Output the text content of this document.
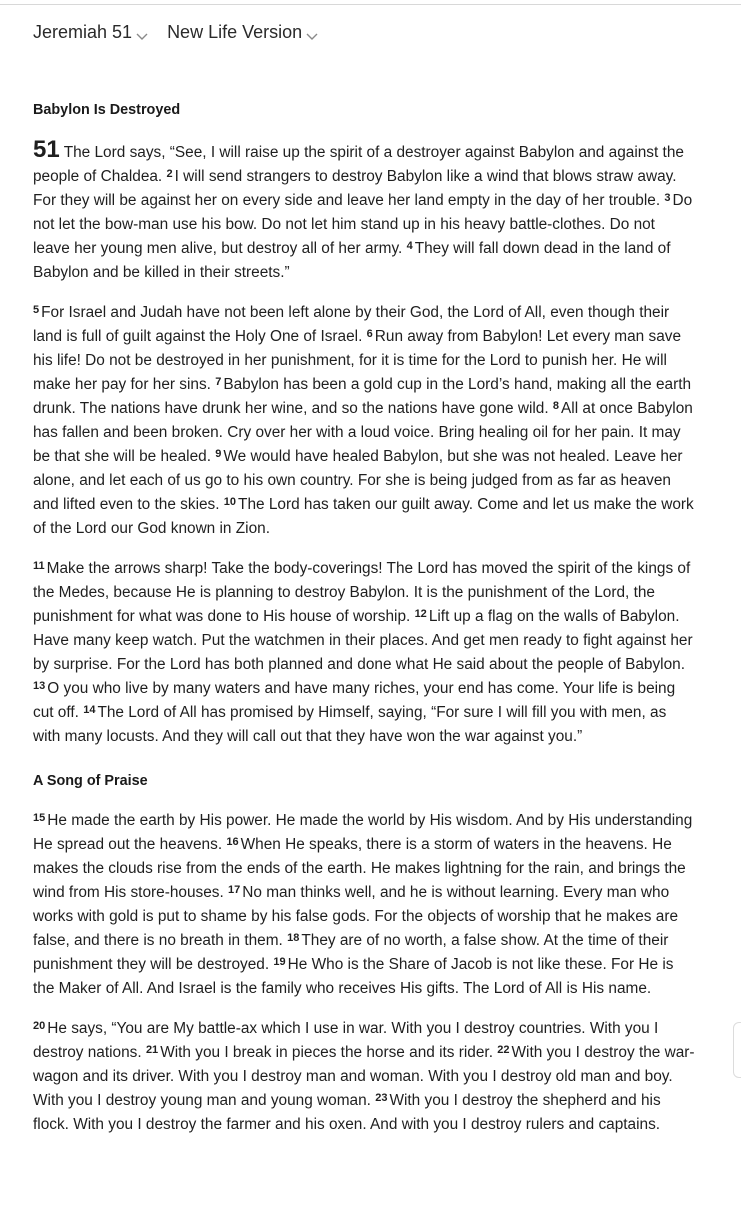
Jeremiah 51 New Life Version
Babylon Is Destroyed

51 The Lord says, “See, I will raise up the spirit of a destroyer against Babylon and against the people of Chaldea. $^2$ I will send strangers to destroy Babylon like a wind that blows straw away. For they will be against her on every side and leave her land empty in the day of her trouble. $^3$ Do not let the bow-man use his bow. Do not let him stand up in his heavy battle-clothes. Do not leave her young men alive, but destroy all of her army. $^4$ They will fall down dead in the land of Babylon and be killed in their streets.”

$^5$ For Israel and Judah have not been left alone by their God, the Lord of All, even though their land is full of guilt against the Holy One of Israel. $^6$ Run away from Babylon! Let every man save his life! Do not be destroyed in her punishment, for it is time for the Lord to punish her. He will make her pay for her sins. $^7$ Babylon has been a gold cup in the Lord’s hand, making all the earth drunk. The nations have drunk her wine, and so the nations have gone wild. $^8$ All at once Babylon has fallen and been broken. Cry over her with a loud voice. Bring healing oil for her pain. It may be that she will be healed. $^9$ We would have healed Babylon, but she was not healed. Leave her alone, and let each of us go to his own country. For she is being judged from as far as heaven and lifted even to the skies. $^{10}$ The Lord has taken our guilt away. Come and let us make the work of the Lord our God known in Zion.

$^{11}$ Make the arrows sharp! Take the body-coverings! The Lord has moved the spirit of the kings of the Medes, because He is planning to destroy Babylon. It is the punishment of the Lord, the punishment for what was done to His house of worship. $^{12}$ Lift up a flag on the walls of Babylon. Have many keep watch. Put the watchmen in their places. And get men ready to fight against her by surprise. For the Lord has both planned and done what He said about the people of Babylon. $^{13}$ O you who live by many waters and have many riches, your end has come. Your life is being cut off. $^{14}$ The Lord of All has promised by Himself, saying, “For sure I will fill you with men, as with many locusts. And they will call out that they have won the war against you.”

A Song of Praise

$^{15}$ He made the earth by His power. He made the world by His wisdom. And by His understanding He spread out the heavens. $^{16}$ When He speaks, there is a storm of waters in the heavens. He makes the clouds rise from the ends of the earth. He makes lightning for the rain, and brings the wind from His store-houses. $^{17}$ No man thinks well, and he is without learning. Every man who works with gold is put to shame by his false gods. For the objects of worship that he makes are false, and there is no breath in them. $^{18}$ They are of no worth, a false show. At the time of their punishment they will be destroyed. $^{19}$ He Who is the Share of Jacob is not like these. For He is the Maker of All. And Israel is the family who receives His gifts. The Lord of All is His name.

$^{20}$ He says, “You are My battle-ax which I use in war. With you I destroy countries. With you I destroy nations. $^{21}$ With you I break in pieces the horse and its rider. $^{22}$ With you I destroy the war-wagon and its driver. With you I destroy man and woman. With you I destroy old man and boy. With you I destroy young man and young woman. $^{23}$ With you I destroy the shepherd and his flock. With you I destroy the farmer and his oxen. And with you I destroy rulers and captains.
